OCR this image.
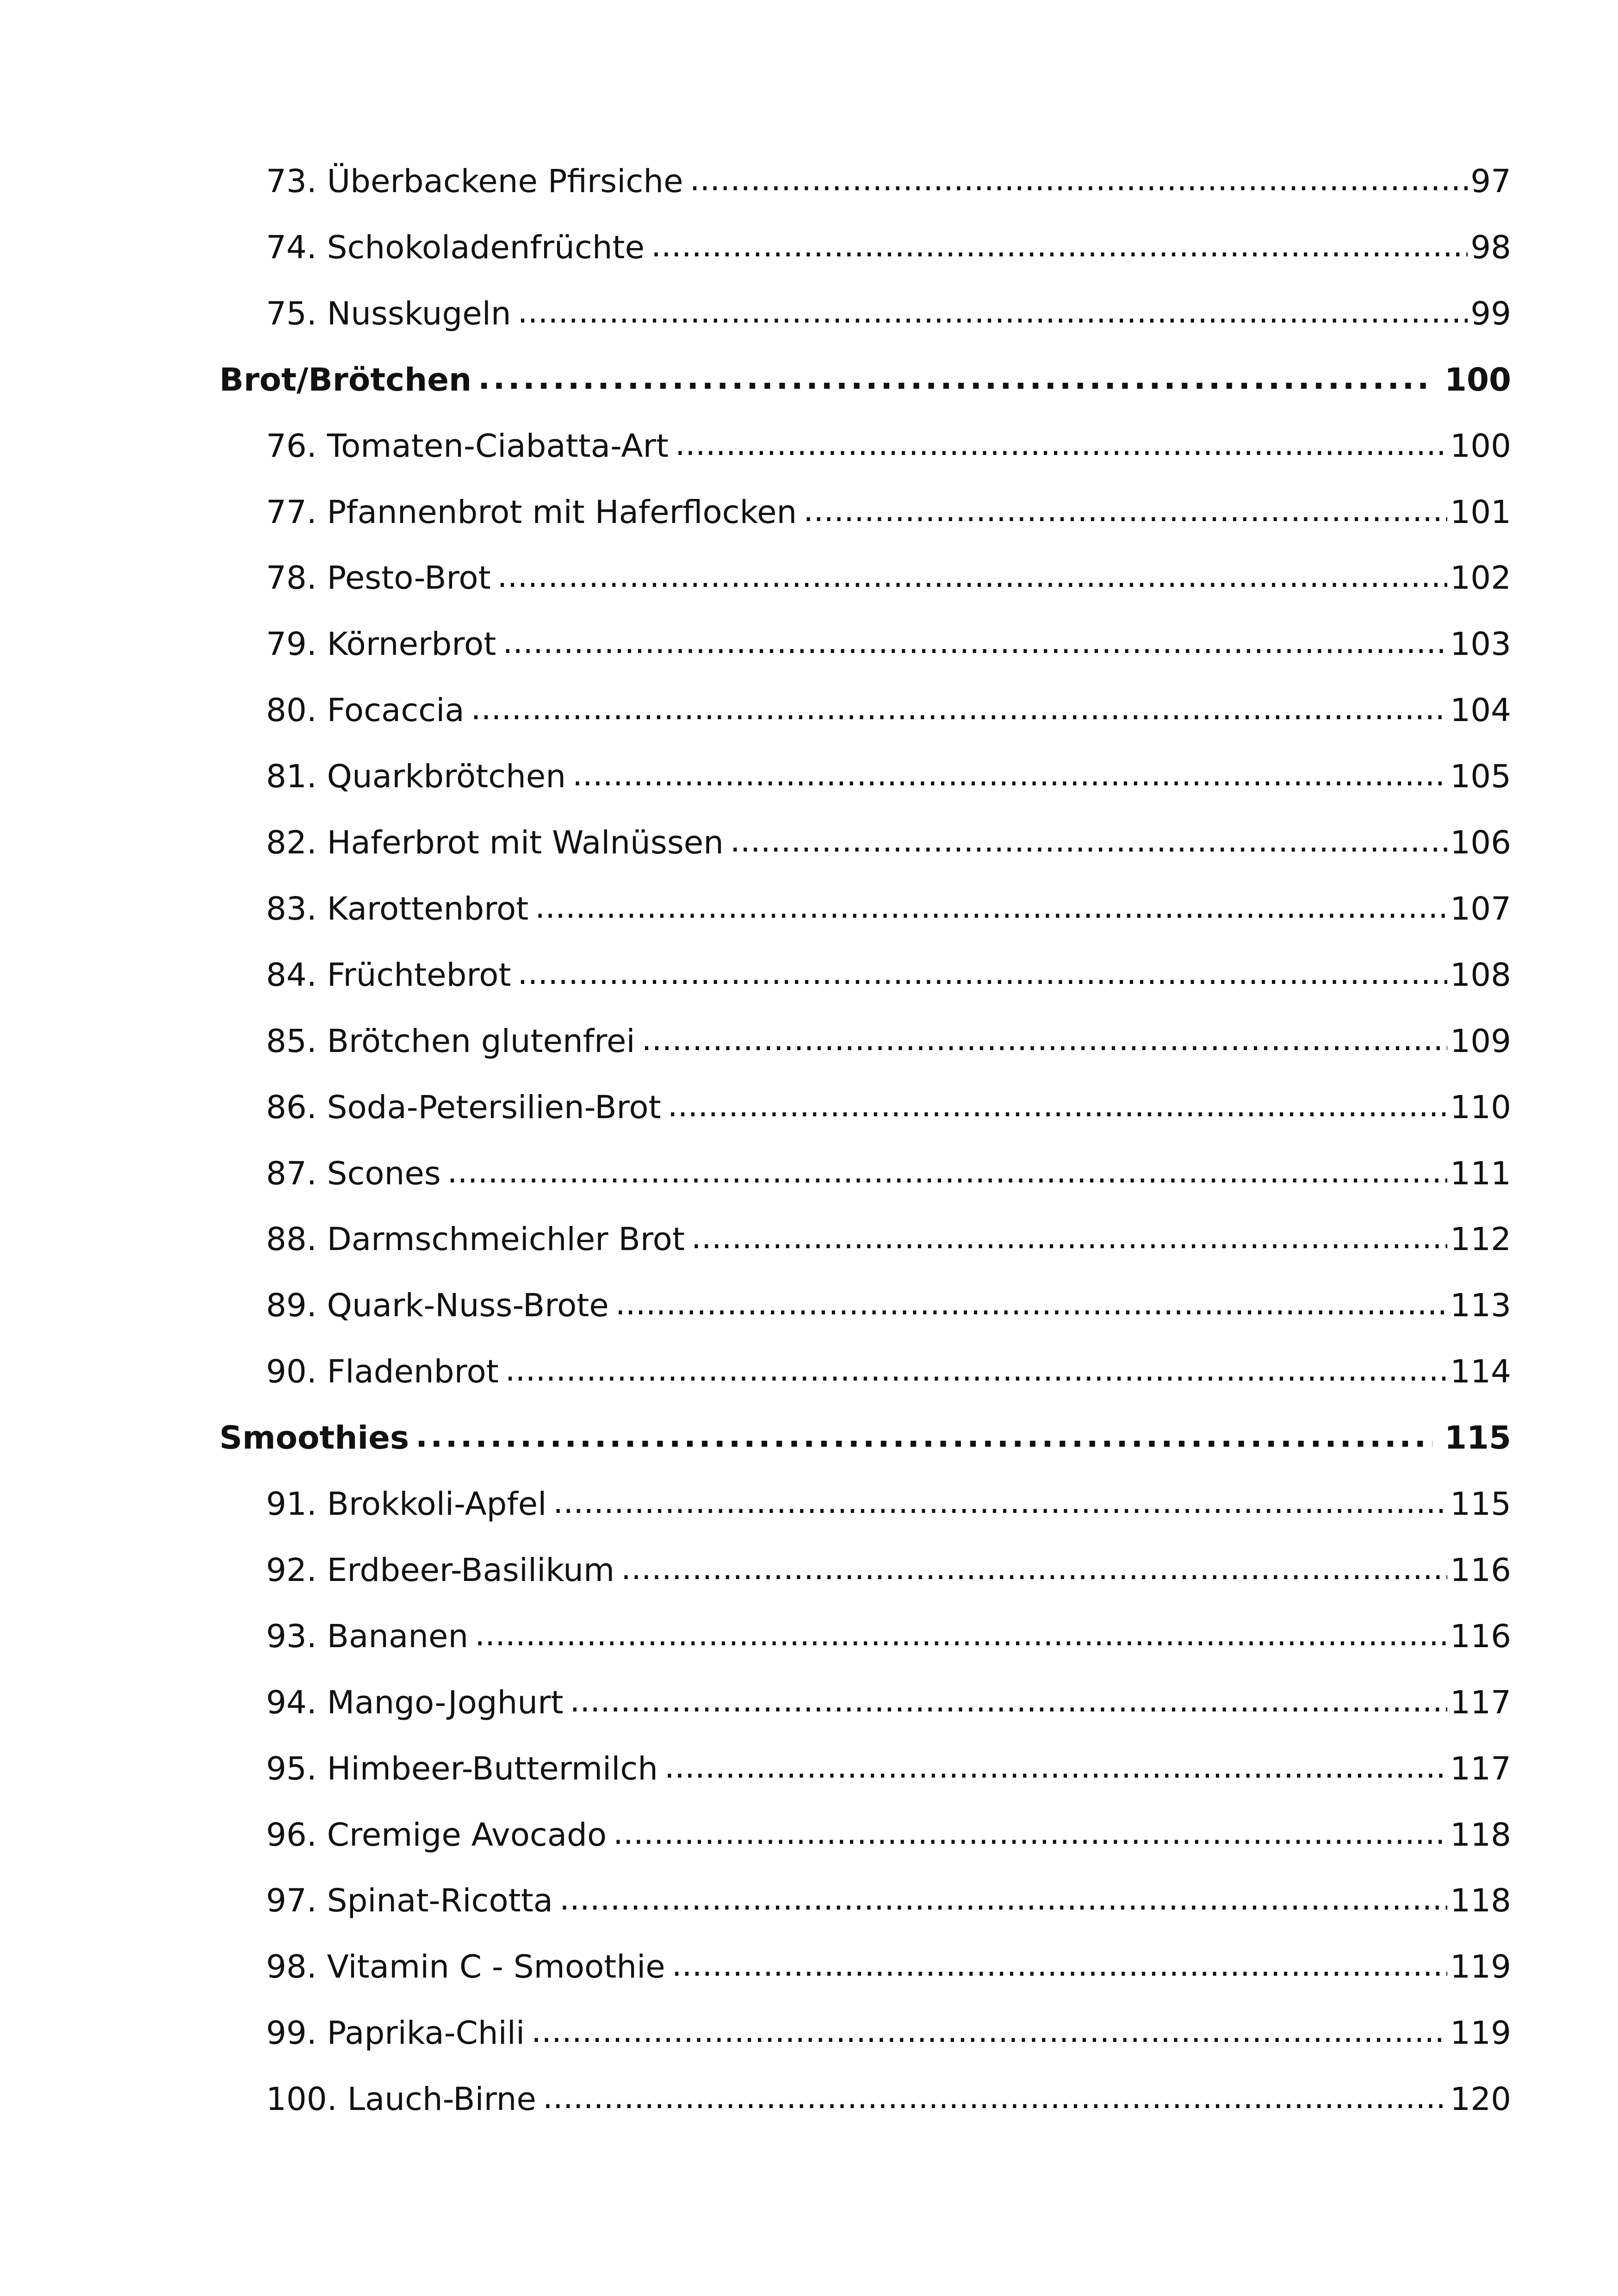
73. Überbackene Pfirsiche .....	97
74. Schokoladenfrüchte .....	98
75. Nusskugeln .....	99
Brot/Brötchen .....	100
76. Tomaten-Ciabatta-Art .....	100
77. Pfannenbrot mit Haferflocken .....	101
78. Pesto-Brot .....	102
79. Körnerbrot .....	103
80. Focaccia .....	104
81. Quarkbrötchen .....	105
82. Haferbrot mit Walnüssen .....	106
83. Karottenbrot .....	107
84. Früchtebrot .....	108
85. Brötchen glutenfrei .....	109
86. Soda-Petersilien-Brot .....	110
87. Scones .....	111
88. Darmschmeichler Brot .....	112
89. Quark-Nuss-Brote .....	113
90. Fladenbrot .....	114
Smoothies .....	115
91. Brokkoli-Apfel .....	115
92. Erdbeer-Basilikum .....	116
93. Bananen .....	116
94. Mango-Joghurt .....	117
95. Himbeer-Buttermilch .....	117
96. Cremige Avocado .....	118
97. Spinat-Ricotta .....	118
98. Vitamin C - Smoothie .....	119
99. Paprika-Chili .....	119
100. Lauch-Birne .....	120
